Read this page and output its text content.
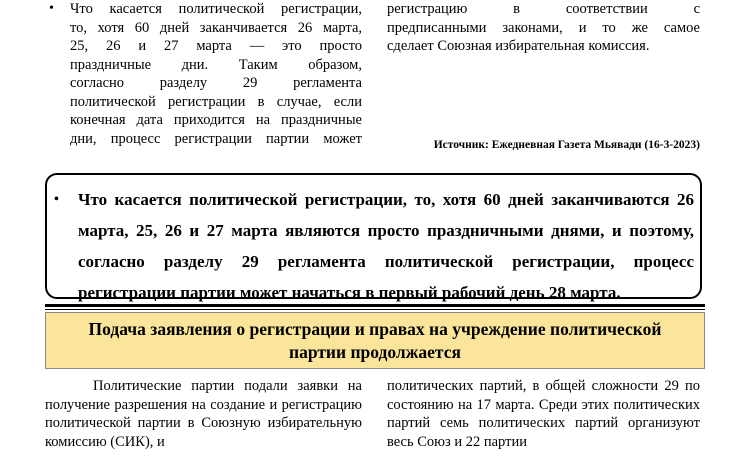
• Что касается политической регистрации,

то, хотя 60 дней заканчивается 26 марта,

25, 26 и 27 марта — это просто

праздничные дни. Таким образом,

согласно разделу 29 регламента

политической регистрации в случае, если

конечная дата приходится на праздничные

дни, процесс регистрации партии может

регистрацию в соответствии с

предписанными законами, и то же самое

сделает Союзная избирательная комиссия.

Источник: Ежедневная Газета Мьявади (16-3-2023)
• Что касается политической регистрации, то, хотя 60 дней заканчиваются 26 марта, 25, 26 и 27 марта являются просто праздничными днями, и поэтому, согласно разделу 29 регламента политической регистрации, процесс регистрации партии может начаться в первый рабочий день 28 марта.
Подача заявления о регистрации и правах на учреждение политической
партии продолжается

Политические партии подали заявки на получение разрешения на создание и регистрацию политической партии в Союзную избирательную комиссию (СИК), и

политических партий, в общей сложности 29 по состоянию на 17 марта. Среди этих политических партий семь политических партий организуют весь Союз и 22 партии
